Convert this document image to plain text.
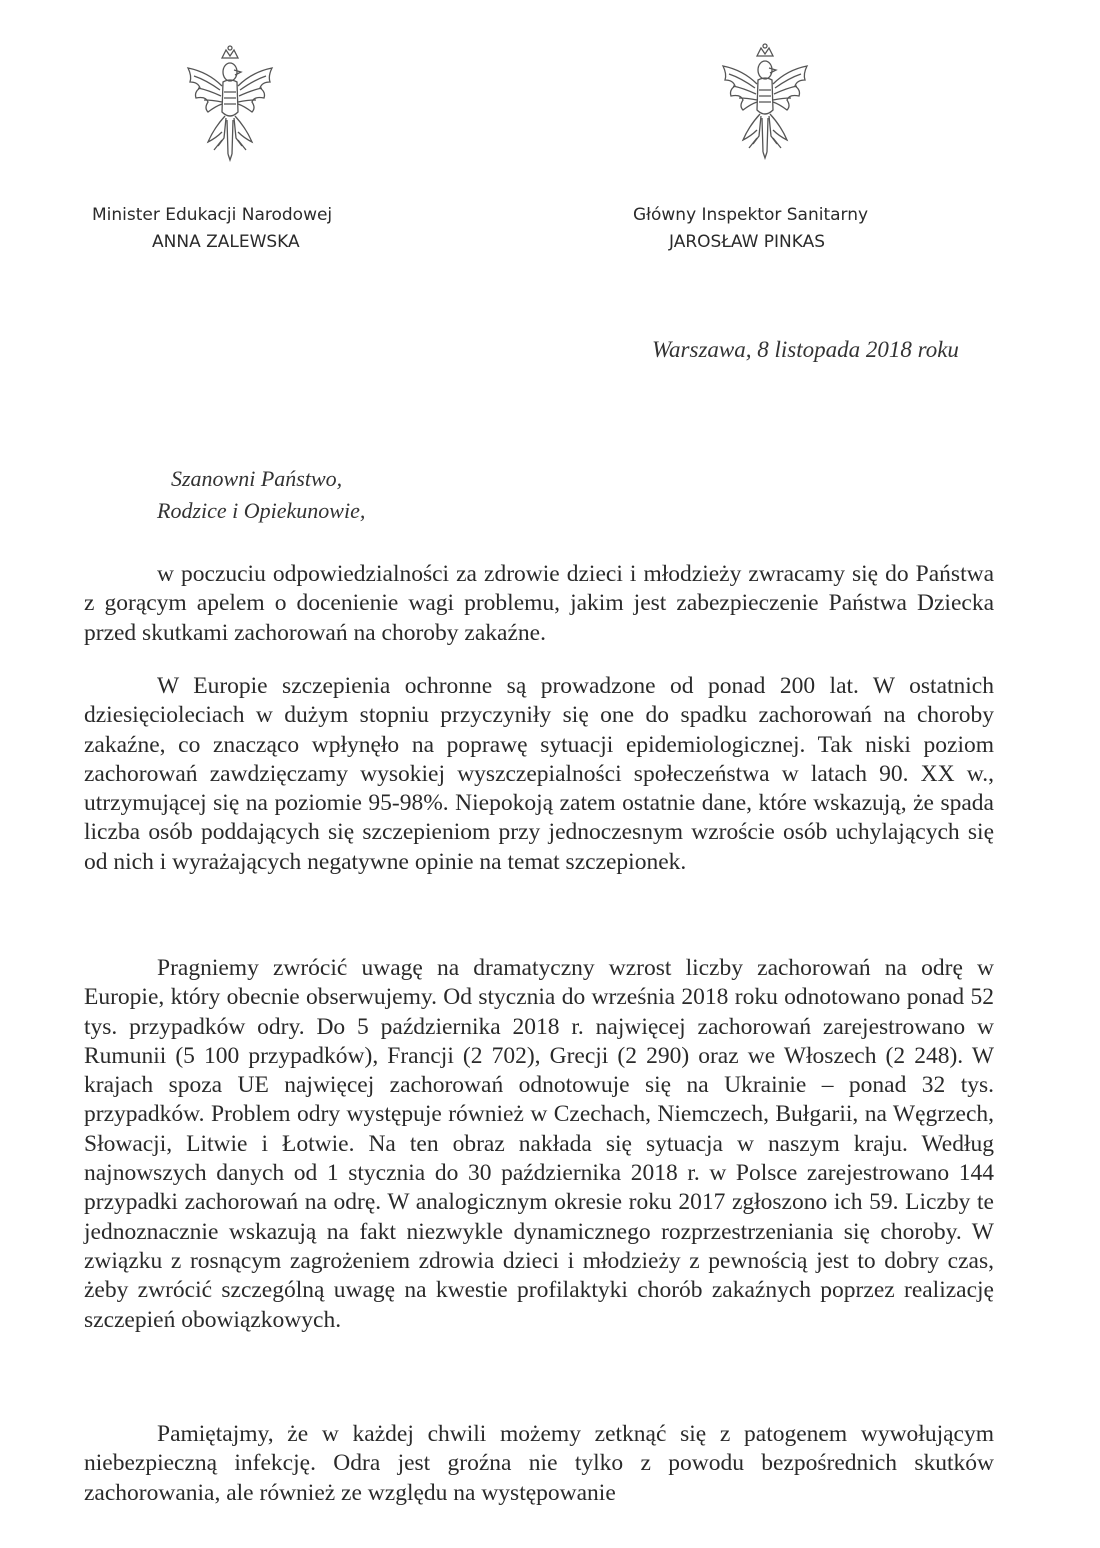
Minister Edukacji Narodowej
ANNA ZALEWSKA
Główny Inspektor Sanitarny
JAROSŁAW PINKAS
Warszawa, 8 listopada 2018 roku
Szanowni Państwo,
Rodzice i Opiekunowie,

w poczuciu odpowiedzialności za zdrowie dzieci i młodzieży zwracamy się do Państwa z gorącym apelem o docenienie wagi problemu, jakim jest zabezpieczenie Państwa Dziecka przed skutkami zachorowań na choroby zakaźne.

W Europie szczepienia ochronne są prowadzone od ponad 200 lat. W ostatnich dziesięcioleciach w dużym stopniu przyczyniły się one do spadku zachorowań na choroby zakaźne, co znacząco wpłynęło na poprawę sytuacji epidemiologicznej. Tak niski poziom zachorowań zawdzięczamy wysokiej wyszczepialności społeczeństwa w latach 90. XX w., utrzymującej się na poziomie 95-98%. Niepokoją zatem ostatnie dane, które wskazują, że spada liczba osób poddających się szczepieniom przy jednoczesnym wzroście osób uchylających się od nich i wyrażających negatywne opinie na temat szczepionek.

Pragniemy zwrócić uwagę na dramatyczny wzrost liczby zachorowań na odrę w Europie, który obecnie obserwujemy. Od stycznia do września 2018 roku odnotowano ponad 52 tys. przypadków odry. Do 5 października 2018 r. najwięcej zachorowań zarejestrowano w Rumunii (5 100 przypadków), Francji (2 702), Grecji (2 290) oraz we Włoszech (2 248). W krajach spoza UE najwięcej zachorowań odnotowuje się na Ukrainie – ponad 32 tys. przypadków. Problem odry występuje również w Czechach, Niemczech, Bułgarii, na Węgrzech, Słowacji, Litwie i Łotwie. Na ten obraz nakłada się sytuacja w naszym kraju. Według najnowszych danych od 1 stycznia do 30 października 2018 r. w Polsce zarejestrowano 144 przypadki zachorowań na odrę. W analogicznym okresie roku 2017 zgłoszono ich 59. Liczby te jednoznacznie wskazują na fakt niezwykle dynamicznego rozprzestrzeniania się choroby. W związku z rosnącym zagrożeniem zdrowia dzieci i młodzieży z pewnością jest to dobry czas, żeby zwrócić szczególną uwagę na kwestie profilaktyki chorób zakaźnych poprzez realizację szczepień obowiązkowych.

Pamiętajmy, że w każdej chwili możemy zetknąć się z patogenem wywołującym niebezpieczną infekcję. Odra jest groźna nie tylko z powodu bezpośrednich skutków zachorowania, ale również ze względu na występowanie
